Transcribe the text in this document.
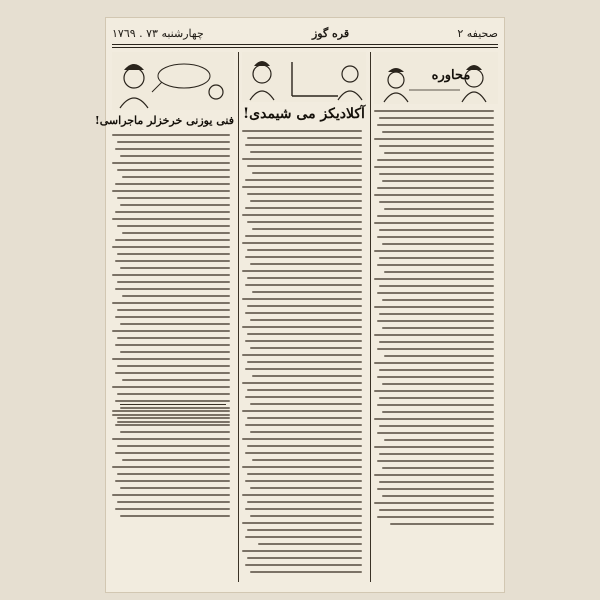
صحيفه ٢
قره گوز
چهارشنبه ۷۳ . ١٧٦٩
محاوره
آكلاديكز مى شيمدى!
فنى يوزنى خرخزلر ماجراسى!
